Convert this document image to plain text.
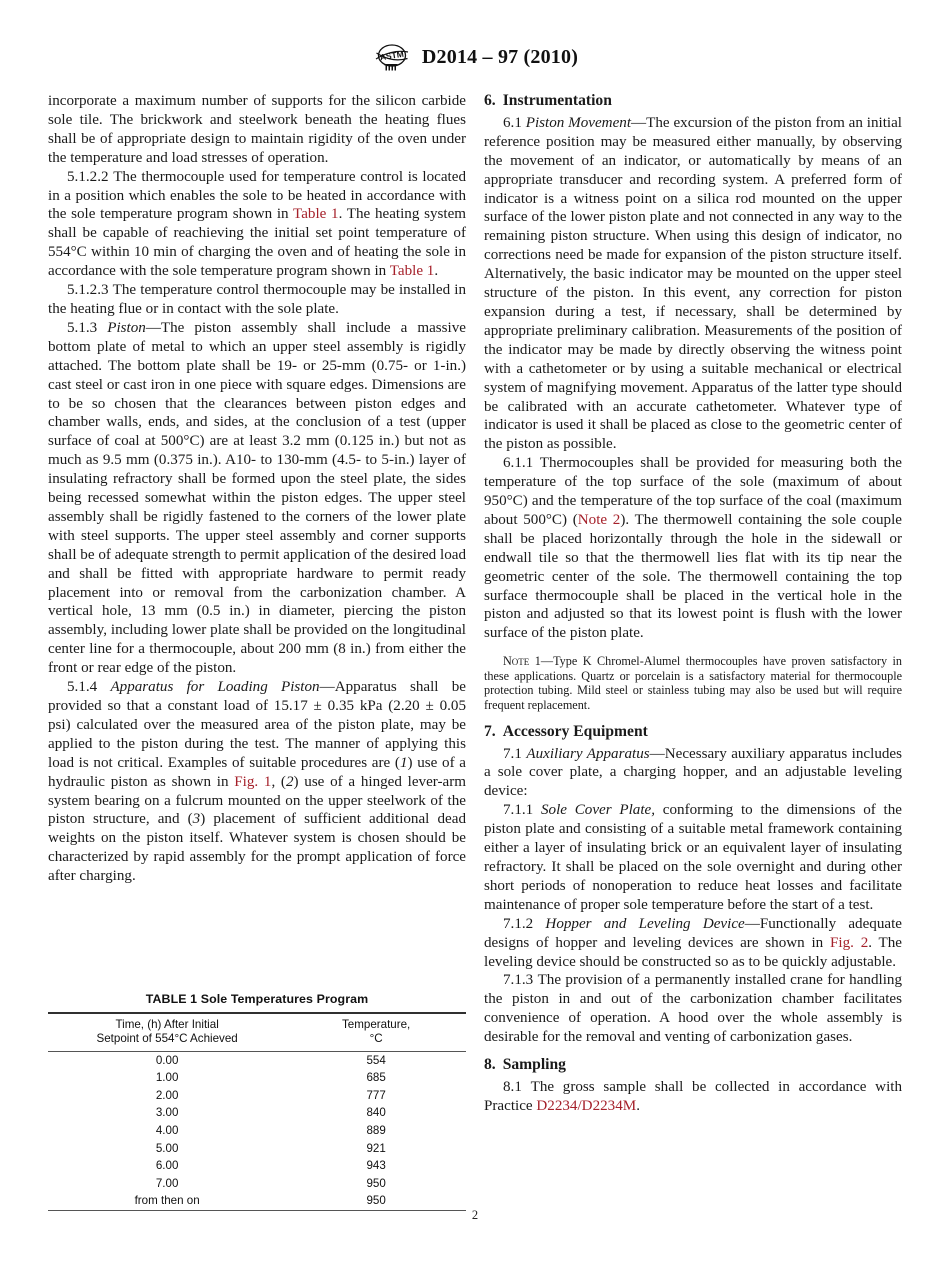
ASTM D2014 – 97 (2010)

incorporate a maximum number of supports for the silicon carbide sole tile. The brickwork and steelwork beneath the heating flues shall be of appropriate design to maintain rigidity of the oven under the temperature and load stresses of operation.

5.1.2.2 The thermocouple used for temperature control is located in a position which enables the sole to be heated in accordance with the sole temperature program shown in Table 1. The heating system shall be capable of reachieving the initial set point temperature of 554°C within 10 min of charging the oven and of heating the sole in accordance with the sole temperature program shown in Table 1.

5.1.2.3 The temperature control thermocouple may be installed in the heating flue or in contact with the sole plate.

5.1.3 Piston—The piston assembly shall include a massive bottom plate of metal to which an upper steel assembly is rigidly attached. The bottom plate shall be 19- or 25-mm (0.75- or 1-in.) cast steel or cast iron in one piece with square edges. Dimensions are to be so chosen that the clearances between piston edges and chamber walls, ends, and sides, at the conclusion of a test (upper surface of coal at 500°C) are at least 3.2 mm (0.125 in.) but not as much as 9.5 mm (0.375 in.). A10- to 130-mm (4.5- to 5-in.) layer of insulating refractory shall be formed upon the steel plate, the sides being recessed somewhat within the piston edges. The upper steel assembly shall be rigidly fastened to the corners of the lower plate with steel supports. The upper steel assembly and corner supports shall be of adequate strength to permit application of the desired load and shall be fitted with appropriate hardware to permit ready placement into or removal from the carbonization chamber. A vertical hole, 13 mm (0.5 in.) in diameter, piercing the piston assembly, including lower plate shall be provided on the longitudinal center line for a thermocouple, about 200 mm (8 in.) from either the front or rear edge of the piston.

5.1.4 Apparatus for Loading Piston—Apparatus shall be provided so that a constant load of 15.17 ± 0.35 kPa (2.20 ± 0.05 psi) calculated over the measured area of the piston plate, may be applied to the piston during the test. The manner of applying this load is not critical. Examples of suitable procedures are (1) use of a hydraulic piston as shown in Fig. 1, (2) use of a hinged lever-arm system bearing on a fulcrum mounted on the upper steelwork of the piston structure, and (3) placement of sufficient additional dead weights on the piston itself. Whatever system is chosen should be characterized by rapid assembly for the prompt application of force after charging.

TABLE 1 Sole Temperatures Program
Time, (h) After Initial
Setpoint of 554°C Achieved	Temperature,
°C
0.00	554
1.00	685
2.00	777
3.00	840
4.00	889
5.00	921
6.00	943
7.00	950
from then on	950
6. Instrumentation

6.1 Piston Movement—The excursion of the piston from an initial reference position may be measured either manually, by observing the movement of an indicator, or automatically by means of an appropriate transducer and recording system. A preferred form of indicator is a witness point on a silica rod mounted on the upper surface of the lower piston plate and not connected in any way to the remaining piston structure. When using this design of indicator, no corrections need be made for expansion of the piston structure itself. Alternatively, the basic indicator may be mounted on the upper steel structure of the piston. In this event, any correction for piston expansion during a test, if necessary, shall be determined by appropriate preliminary calibration. Measurements of the position of the indicator may be made by directly observing the witness point with a cathetometer or by using a suitable mechanical or electrical system of magnifying movement. Apparatus of the latter type should be calibrated with an accurate cathetometer. Whatever type of indicator is used it shall be placed as close to the geometric center of the piston as possible.

6.1.1 Thermocouples shall be provided for measuring both the temperature of the top surface of the sole (maximum of about 950°C) and the temperature of the top surface of the coal (maximum about 500°C) (Note 2). The thermowell containing the sole couple shall be placed horizontally through the hole in the sidewall or endwall tile so that the thermowell lies flat with its tip near the geometric center of the sole. The thermowell containing the top surface thermocouple shall be placed in the vertical hole in the piston and adjusted so that its lowest point is flush with the lower surface of the piston plate.

Note 1—Type K Chromel-Alumel thermocouples have proven satisfactory in these applications. Quartz or porcelain is a satisfactory material for thermocouple protection tubing. Mild steel or stainless tubing may also be used but will require frequent replacement.

7. Accessory Equipment

7.1 Auxiliary Apparatus—Necessary auxiliary apparatus includes a sole cover plate, a charging hopper, and an adjustable leveling device:

7.1.1 Sole Cover Plate, conforming to the dimensions of the piston plate and consisting of a suitable metal framework containing either a layer of insulating brick or an equivalent layer of insulating refractory. It shall be placed on the sole overnight and during other short periods of nonoperation to reduce heat losses and facilitate maintenance of proper sole temperature before the start of a test.

7.1.2 Hopper and Leveling Device—Functionally adequate designs of hopper and leveling devices are shown in Fig. 2. The leveling device should be constructed so as to be quickly adjustable.

7.1.3 The provision of a permanently installed crane for handling the piston in and out of the carbonization chamber facilitates convenience of operation. A hood over the whole assembly is desirable for the removal and venting of carbonization gases.

8. Sampling

8.1 The gross sample shall be collected in accordance with Practice D2234/D2234M.

2
